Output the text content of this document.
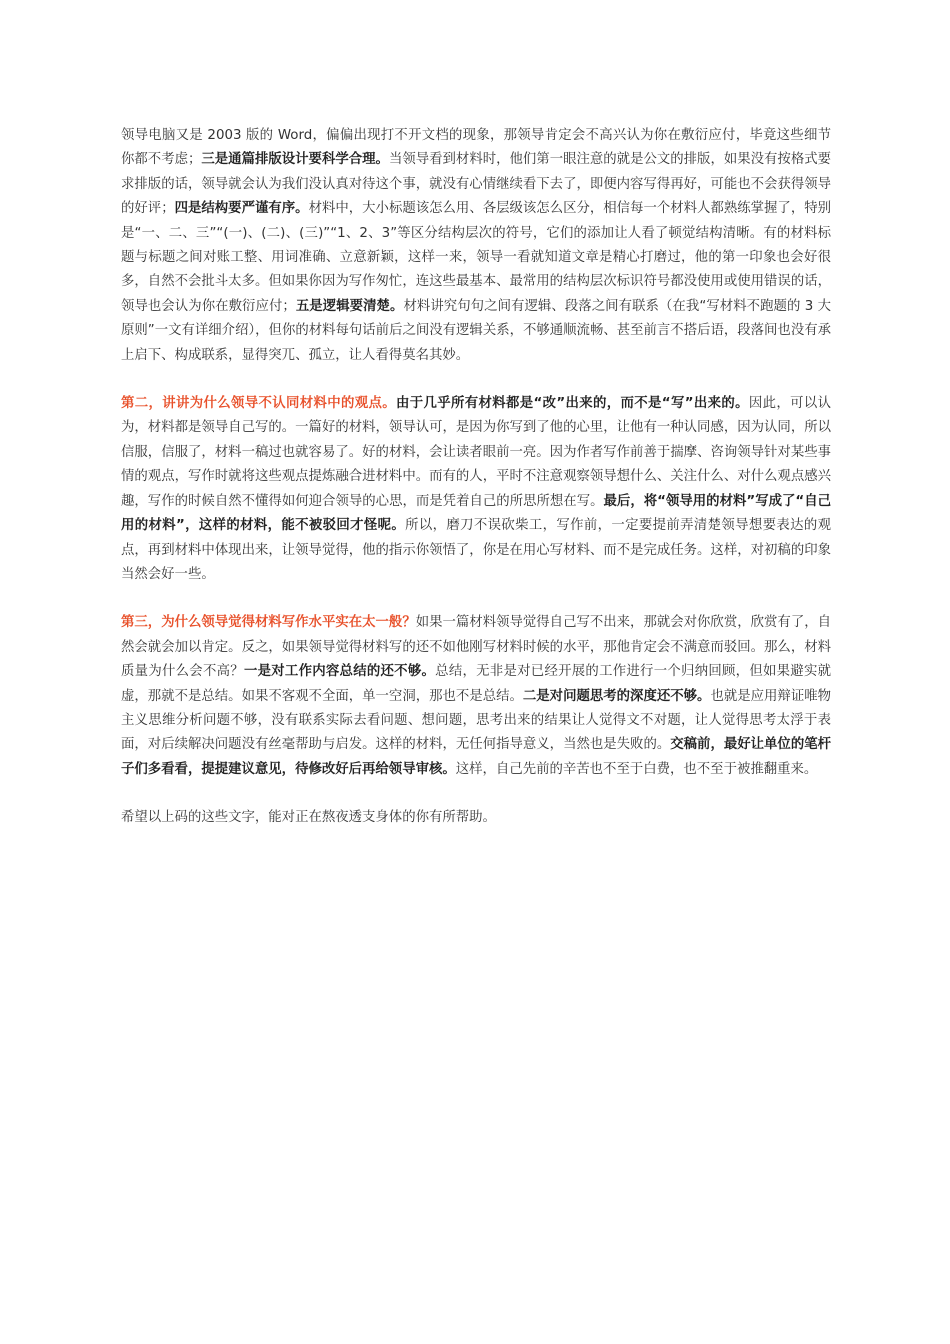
领导电脑又是 2003 版的 Word，偏偏出现打不开文档的现象，那领导肯定会不高兴认为你在敷衍应付，毕竟这些细节你都不考虑；三是通篇排版设计要科学合理。当领导看到材料时，他们第一眼注意的就是公文的排版，如果没有按格式要求排版的话，领导就会认为我们没认真对待这个事，就没有心情继续看下去了，即便内容写得再好，可能也不会获得领导的好评；四是结构要严谨有序。材料中，大小标题该怎么用、各层级该怎么区分，相信每一个材料人都熟练掌握了，特别是“一、二、三”“(一)、(二)、(三)”“1、2、3”等区分结构层次的符号，它们的添加让人看了顿觉结构清晰。有的材料标题与标题之间对账工整、用词准确、立意新颖，这样一来，领导一看就知道文章是精心打磨过，他的第一印象也会好很多，自然不会批斗太多。但如果你因为写作匆忙，连这些最基本、最常用的结构层次标识符号都没使用或使用错误的话，领导也会认为你在敷衍应付；五是逻辑要清楚。材料讲究句句之间有逻辑、段落之间有联系（在我“写材料不跑题的 3 大原则”一文有详细介绍），但你的材料每句话前后之间没有逻辑关系，不够通顺流畅、甚至前言不搭后语，段落间也没有承上启下、构成联系，显得突兀、孤立，让人看得莫名其妙。

第二，讲讲为什么领导不认同材料中的观点。由于几乎所有材料都是“改”出来的，而不是“写”出来的。因此，可以认为，材料都是领导自己写的。一篇好的材料，领导认可，是因为你写到了他的心里，让他有一种认同感，因为认同，所以信服，信服了，材料一稿过也就容易了。好的材料，会让读者眼前一亮。因为作者写作前善于揣摩、咨询领导针对某些事情的观点，写作时就将这些观点提炼融合进材料中。而有的人，平时不注意观察领导想什么、关注什么、对什么观点感兴趣，写作的时候自然不懂得如何迎合领导的心思，而是凭着自己的所思所想在写。最后，将“领导用的材料”写成了“自己用的材料”，这样的材料，能不被驳回才怪呢。所以，磨刀不误砍柴工，写作前，一定要提前弄清楚领导想要表达的观点，再到材料中体现出来，让领导觉得，他的指示你领悟了，你是在用心写材料、而不是完成任务。这样，对初稿的印象当然会好一些。

第三，为什么领导觉得材料写作水平实在太一般？如果一篇材料领导觉得自己写不出来，那就会对你欣赏，欣赏有了，自然会就会加以肯定。反之，如果领导觉得材料写的还不如他刚写材料时候的水平，那他肯定会不满意而驳回。那么，材料质量为什么会不高？一是对工作内容总结的还不够。总结，无非是对已经开展的工作进行一个归纳回顾，但如果避实就虚，那就不是总结。如果不客观不全面，单一空洞，那也不是总结。二是对问题思考的深度还不够。也就是应用辩证唯物主义思维分析问题不够，没有联系实际去看问题、想问题，思考出来的结果让人觉得文不对题，让人觉得思考太浮于表面，对后续解决问题没有丝毫帮助与启发。这样的材料，无任何指导意义，当然也是失败的。交稿前，最好让单位的笔杆子们多看看，提提建议意见，待修改好后再给领导审核。这样，自己先前的辛苦也不至于白费，也不至于被推翻重来。

希望以上码的这些文字，能对正在熬夜透支身体的你有所帮助。
